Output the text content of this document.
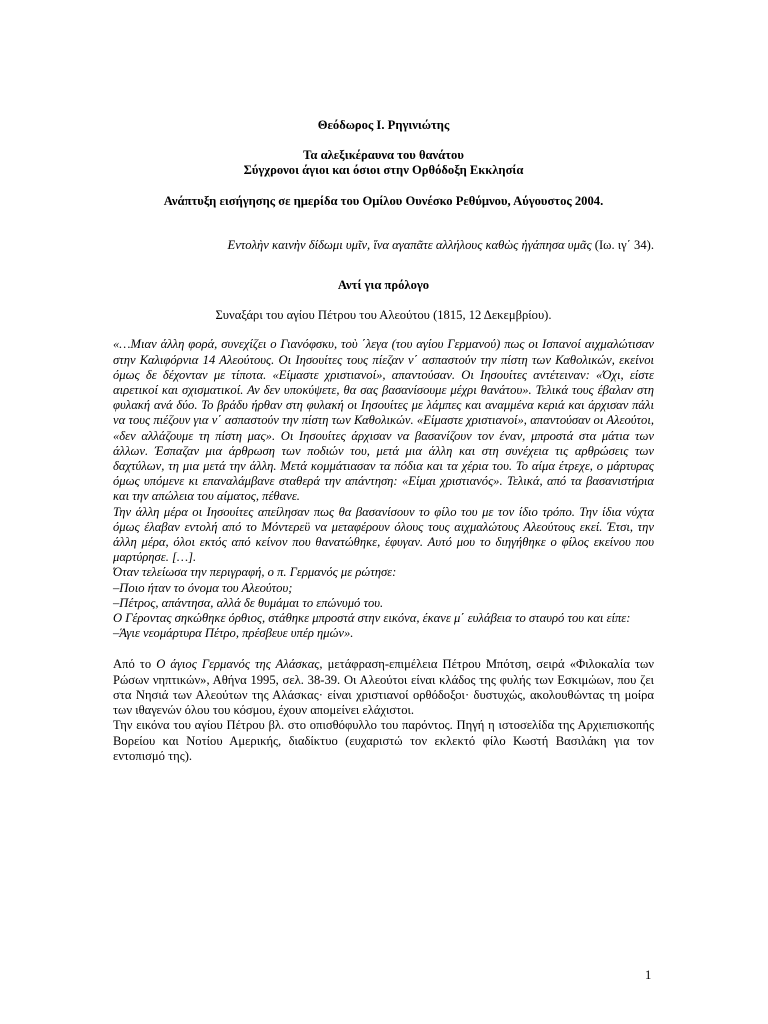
Θεόδωρος Ι. Ρηγινιώτης
Τα αλεξικέραυνα του θανάτου
Σύγχρονοι άγιοι και όσιοι στην Ορθόδοξη Εκκλησία
Ανάπτυξη εισήγησης σε ημερίδα του Ομίλου Ουνέσκο Ρεθύμνου, Αύγουστος 2004.
Εντολὴν καινὴν δίδωμι υμῖν, ἵνα αγαπᾶτε αλλήλους καθὼς ἠγάπησα υμᾶς (Ιω. ιγ΄ 34).
Αντί για πρόλογο
Συναξάρι του αγίου Πέτρου του Αλεούτου (1815, 12 Δεκεμβρίου).

«…Μιαν άλλη φορά, συνεχίζει ο Γιανόφσκυ, τοὺ ΄λεγα (του αγίου Γερμανού) πως οι Ισπανοί αιχμαλώτισαν στην Καλιφόρνια 14 Αλεούτους. Οι Ιησουίτες τους πίεζαν ν΄ ασπαστούν την πίστη των Καθολικών, εκείνοι όμως δε δέχονταν με τίποτα. «Είμαστε χριστιανοί», απαντούσαν. Οι Ιησουίτες αντέτειναν: «Όχι, είστε αιρετικοί και σχισματικοί. Αν δεν υποκύψετε, θα σας βασανίσουμε μέχρι θανάτου». Τελικά τους έβαλαν στη φυλακή ανά δύο. Το βράδυ ήρθαν στη φυλακή οι Ιησουίτες με λάμπες και αναμμένα κεριά και άρχισαν πάλι να τους πιέζουν για ν΄ ασπαστούν την πίστη των Καθολικών. «Είμαστε χριστιανοί», απαντούσαν οι Αλεούτοι, «δεν αλλάζουμε τη πίστη μας». Οι Ιησουίτες άρχισαν να βασανίζουν τον έναν, μπροστά στα μάτια των άλλων. Έσπαζαν μια άρθρωση των ποδιών του, μετά μια άλλη και στη συνέχεια τις αρθρώσεις των δαχτύλων, τη μια μετά την άλλη. Μετά κομμάτιασαν τα πόδια και τα χέρια του. Το αίμα έτρεχε, ο μάρτυρας όμως υπόμενε κι επαναλάμβανε σταθερά την απάντηση: «Είμαι χριστιανός». Τελικά, από τα βασανιστήρια και την απώλεια του αίματος, πέθανε.

Την άλλη μέρα οι Ιησουίτες απείλησαν πως θα βασανίσουν το φίλο του με τον ίδιο τρόπο. Την ίδια νύχτα όμως έλαβαν εντολή από το Μόντερεϋ να μεταφέρουν όλους τους αιχμαλώτους Αλεούτους εκεί. Έτσι, την άλλη μέρα, όλοι εκτός από κείνον που θανατώθηκε, έφυγαν. Αυτό μου το διηγήθηκε ο φίλος εκείνου που μαρτύρησε. […].

Όταν τελείωσα την περιγραφή, ο π. Γερμανός με ρώτησε:

–Ποιο ήταν το όνομα του Αλεούτου;

–Πέτρος, απάντησα, αλλά δε θυμάμαι το επώνυμό του.

Ο Γέροντας σηκώθηκε όρθιος, στάθηκε μπροστά στην εικόνα, έκανε μ΄ ευλάβεια το σταυρό του και είπε:

–Άγιε νεομάρτυρα Πέτρο, πρέσβευε υπέρ ημών».

Από το Ο άγιος Γερμανός της Αλάσκας, μετάφραση-επιμέλεια Πέτρου Μπότση, σειρά «Φιλοκαλία των Ρώσων νηπτικών», Αθήνα 1995, σελ. 38-39. Οι Αλεούτοι είναι κλάδος της φυλής των Εσκιμώων, που ζει στα Νησιά των Αλεούτων της Αλάσκας· είναι χριστιανοί ορθόδοξοι· δυστυχώς, ακολουθώντας τη μοίρα των ιθαγενών όλου του κόσμου, έχουν απομείνει ελάχιστοι.

Την εικόνα του αγίου Πέτρου βλ. στο οπισθόφυλλο του παρόντος. Πηγή η ιστοσελίδα της Αρχιεπισκοπής Βορείου και Νοτίου Αμερικής, διαδίκτυο (ευχαριστώ τον εκλεκτό φίλο Κωστή Βασιλάκη για τον εντοπισμό της).

1
